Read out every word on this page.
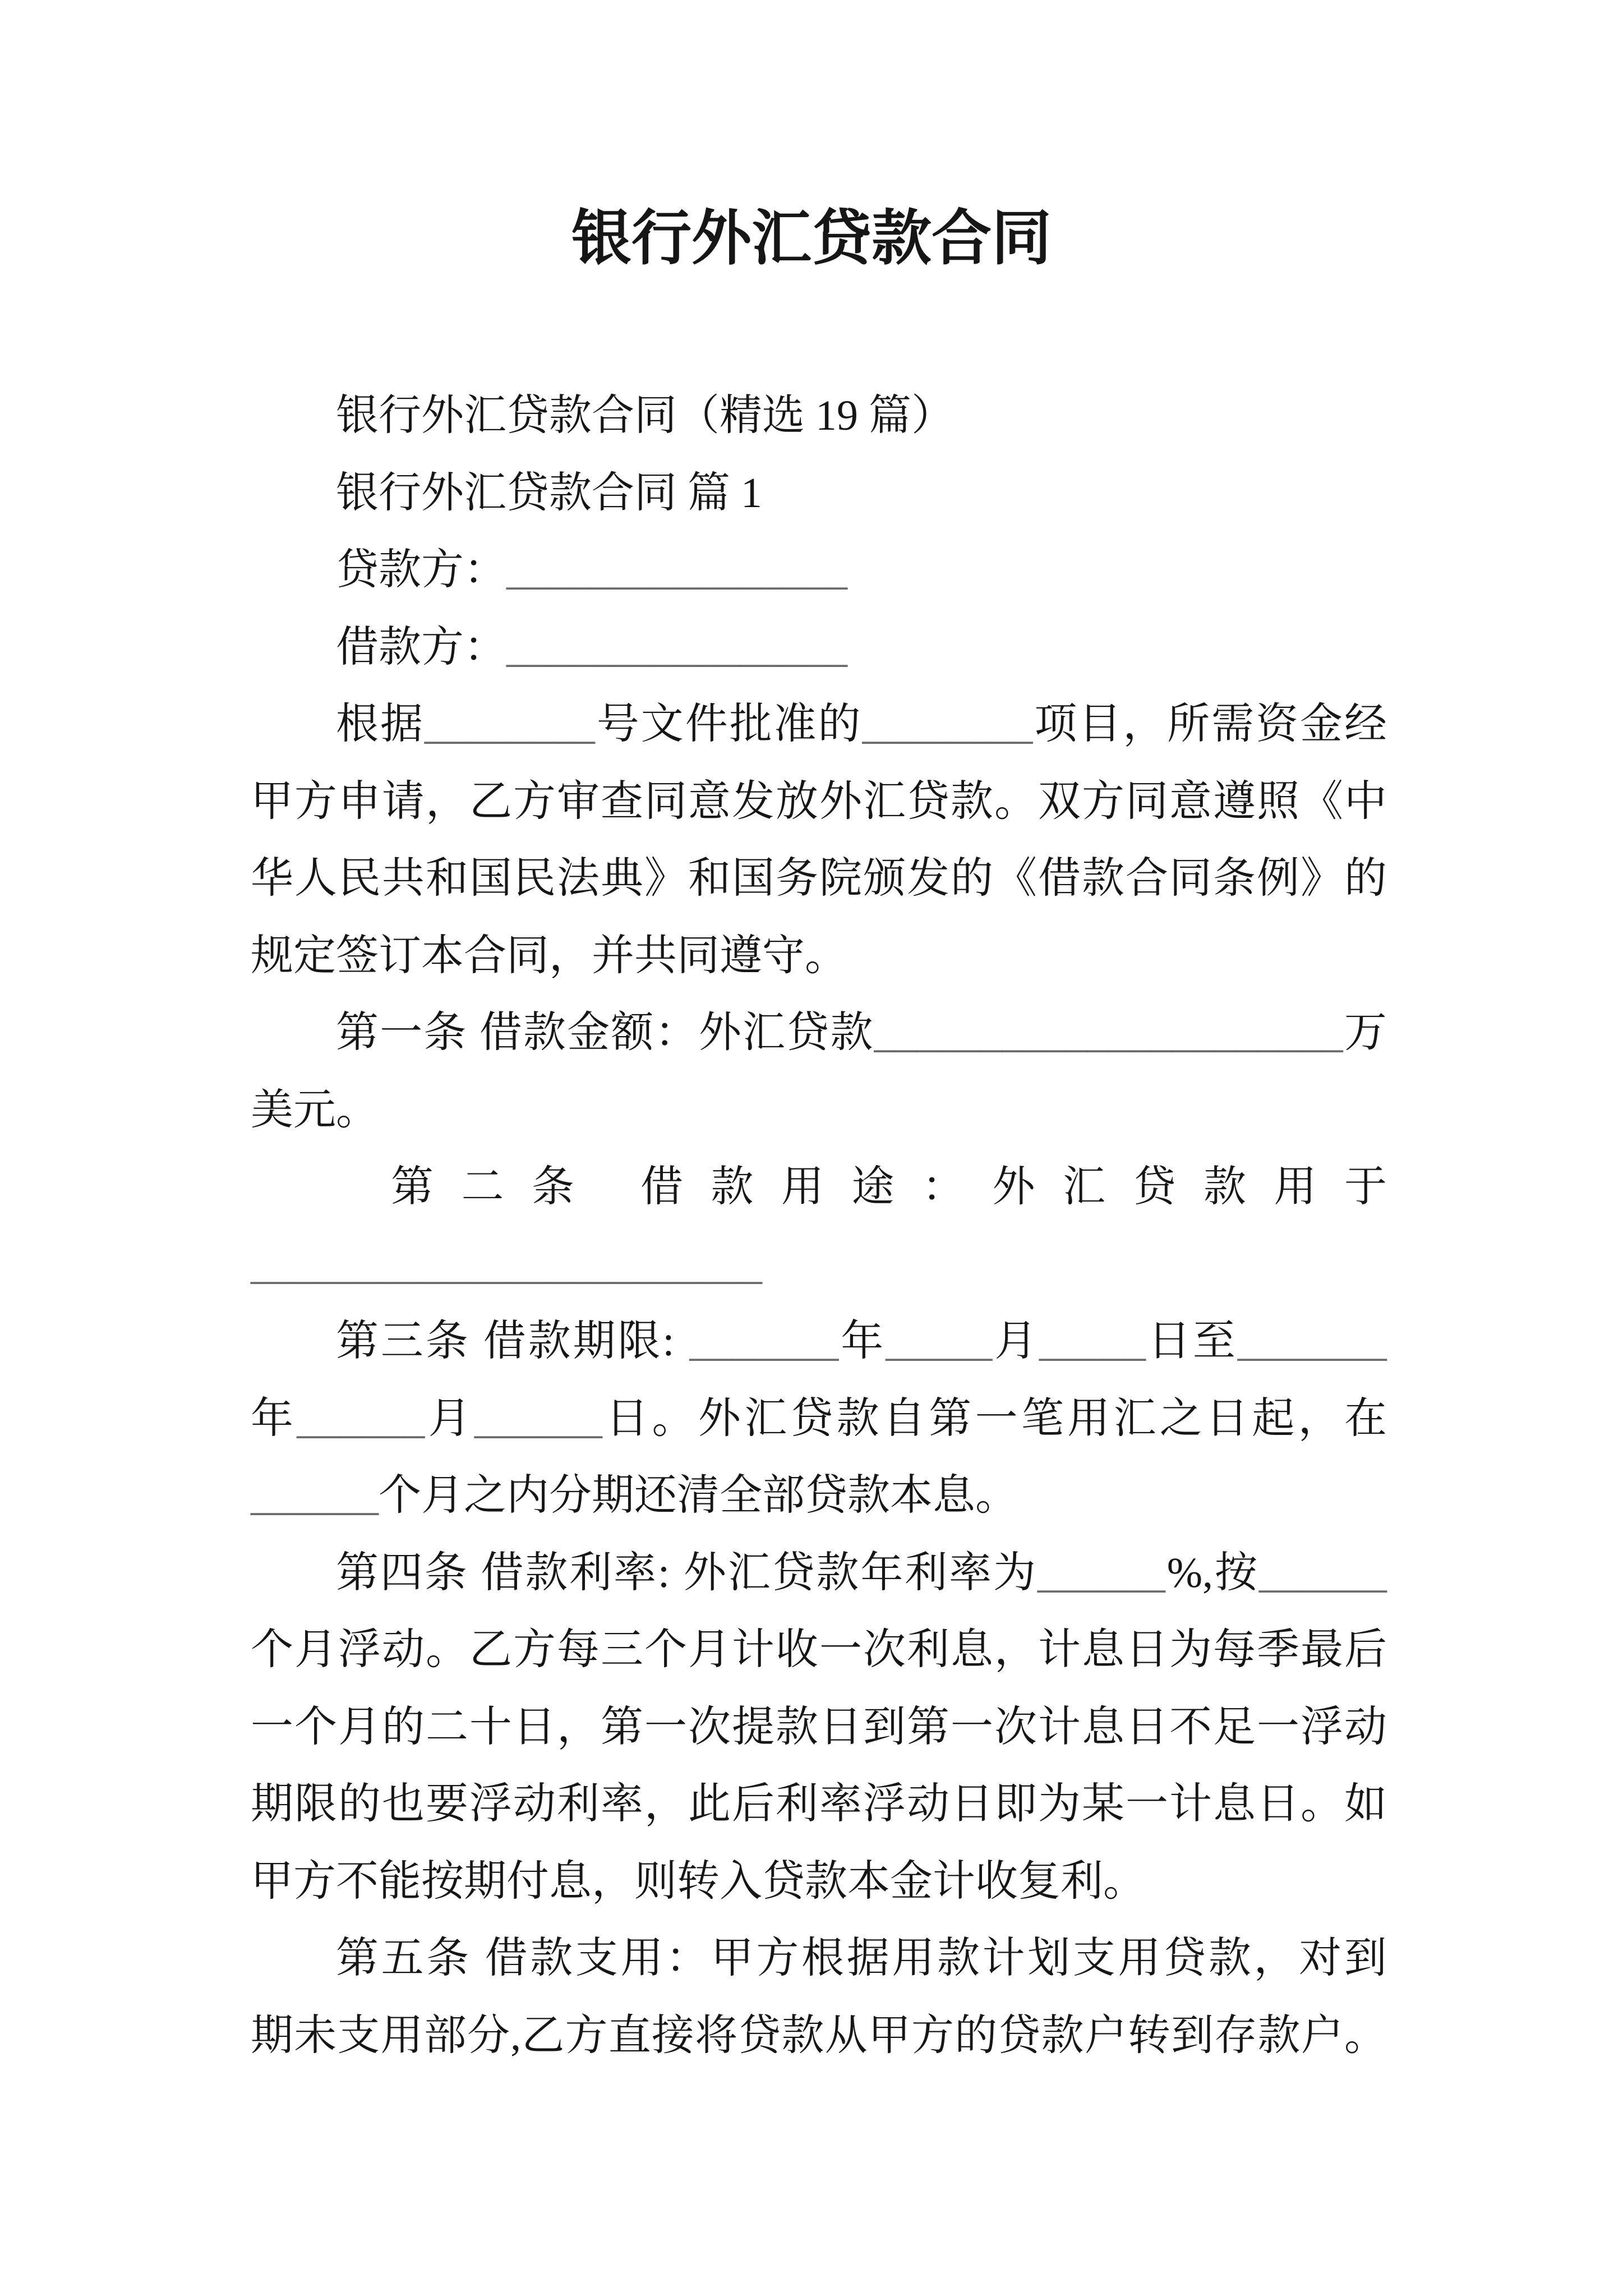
银行外汇贷款合同
银行外汇贷款合同（精选 19 篇）
银行外汇贷款合同 篇 1
贷款方：________________
借款方：________________
根 据 ________ 号 文 件 批 准 的 ________ 项 目 ， 所 需 资 金 经
甲 方 申 请 ， 乙 方 审 查 同 意 发 放 外 汇 贷 款 。 双 方 同 意 遵 照 《 中
华 人 民 共 和 国 民 法 典 》 和 国 务 院 颁 发 的 《 借 款 合 同 条 例 》 的
规定签订本合同，并共同遵守。
第 一 条
借 款 金 额 ： 外 汇 贷 款 ______________________ 万
美元。
第 二 条
借 款 用 途 ： 外 汇 贷 款 用 于
________________________
第 三 条
借 款 期 限 :
_______ 年 _____ 月 _____ 日 至 _______
年 ______ 月 ______ 日 。 外 汇 贷 款 自 第 一 笔 用 汇 之 日 起 ， 在
______个月之内分期还清全部贷款本息。
第 四 条
借 款 利 率 :
外 汇 贷 款 年 利 率 为 ______ %, 按 ______
个 月 浮 动 。 乙 方 每 三 个 月 计 收 一 次 利 息 ， 计 息 日 为 每 季 最 后
一 个 月 的 二 十 日 ， 第 一 次 提 款 日 到 第 一 次 计 息 日 不 足 一 浮 动
期 限 的 也 要 浮 动 利 率 ， 此 后 利 率 浮 动 日 即 为 某 一 计 息 日 。 如
甲方不能按期付息，则转入贷款本金计收复利。
第 五 条
借 款 支 用 ： 甲 方 根 据 用 款 计 划 支 用 贷 款 ， 对 到
期 未 支 用 部 分 , 乙 方 直 接 将 贷 款 从 甲 方 的 贷 款 户 转 到 存 款 户 。
